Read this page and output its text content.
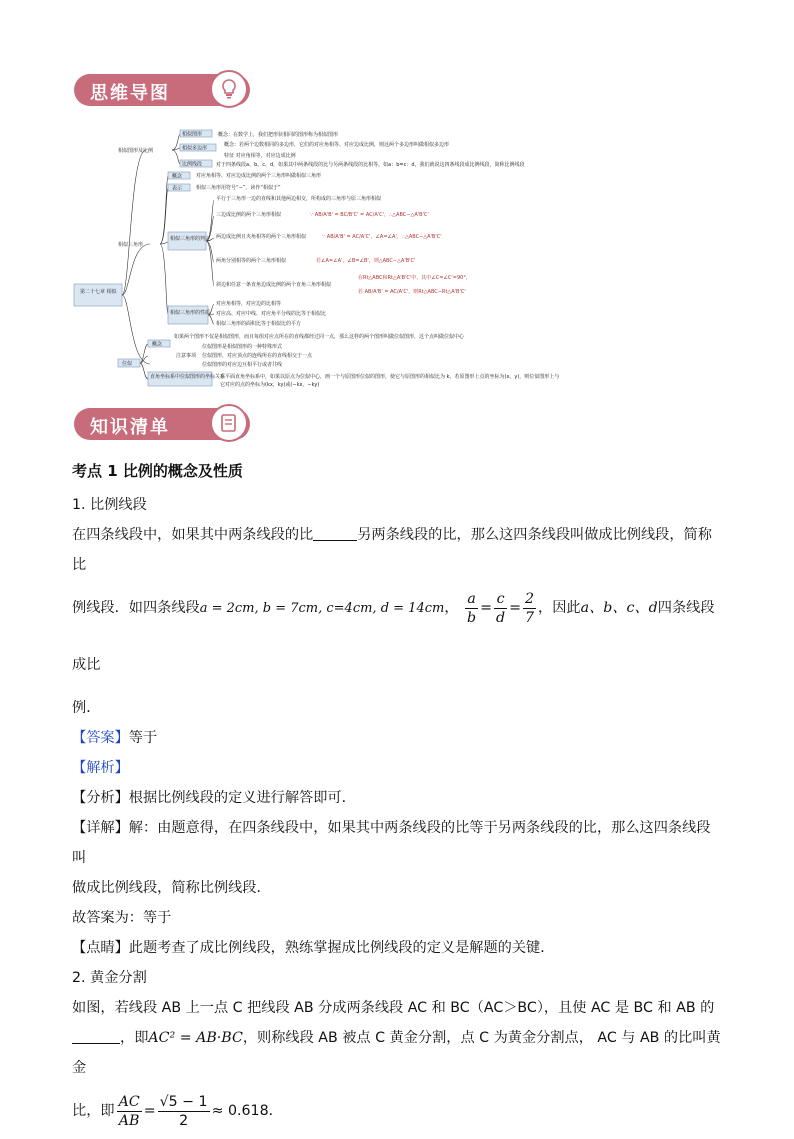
思维导图
第二十七章 相似
相似图形及比例
相似图形	概念：在数学上，我们把形状相同的图形称为相似图形
相似多边形
概念：若两个边数相同的多边形，它们的对应角相等、对应边成比例，则这两个多边形叫做相似多边形
特征 对应角相等，对应边成比例
比例线段	对于四条线段a、b、c、d，如果其中两条线段的比与另两条线段的比相等，如a：b=c：d，我们就说这四条线段成比例线段，简称比例线段
相似三角形
概念	对应角相等、对应边成比例的两个三角形叫做相似三角形
表示	相似三角形用符号“∽”，读作“相似于”
相似三角形的判定
平行于三角形一边的直线和其他两边相交，所构成的三角形与原三角形相似
三边成比例的两个三角形相似	∵ AB/A'B' = BC/B'C' = AC/A'C'，∴△ABC∽△A'B'C'
两边成比例且夹角相等的两个三角形相似	∵ AB/A'B' = AC/A'C'，∠A=∠A'，∴△ABC∽△A'B'C'
两角分别相等的两个三角形相似	若∠A=∠A'，∠B=∠B'，则△ABC∽△A'B'C'
斜边和任意一条直角边成比例的两个直角三角形相似
在Rt△ABC和Rt△A'B'C'中，其中∠C=∠C'=90°，
若 AB/A'B' = AC/A'C'，则Rt△ABC∽Rt△A'B'C'
相似三角形的性质
对应角相等，对应边的比相等
对应高、对应中线、对应角平分线的比等于相似比
相似三角形的面积比等于相似比的平方
位似
概念
如果两个图形不仅是相似图形，而且每组对应点所在的直线都经过同一点，那么这样的两个图形叫做位似图形，这个点叫做位似中心
注意事项
位似图形是相似图形的一种特殊形式
位似图形，对应顶点的连线所在的直线相交于一点
位似图形的对应边互相平行或者共线
直角坐标系中位似图形的坐标关系
在平面直角坐标系中，如果以原点为位似中心，画一个与原图形位似的图形，使它与原图形的相似比为 k，若原图形上点的坐标为(x，y)，则位似图形上与
它对应的点的坐标为(kx，ky)或(−kx，−ky)
知识清单

考点 1 比例的概念及性质

1. 比例线段

在四条线段中，如果其中两条线段的比	另两条线段的比，那么这四条线段叫做成比例线段，简称比

例线段．如四条线段a = 2cm, b = 7cm, c=4cm, d = 14cm， $\frac{a}{b} = \frac{c}{d} = \frac{2}{7}$ ，因此a、b、c、d四条线段成比

例．

【答案】等于

【解析】

【分析】根据比例线段的定义进行解答即可．

【详解】解：由题意得，在四条线段中，如果其中两条线段的比等于另两条线段的比，那么这四条线段叫

做成比例线段，简称比例线段．

故答案为：等于

【点睛】此题考查了成比例线段，熟练掌握成比例线段的定义是解题的关键．

2. 黄金分割

如图，若线段 AB 上一点 C 把线段 AB 分成两条线段 AC 和 BC（AC＞BC），且使 AC 是 BC 和 AB 的

，即AC² = AB·BC，则称线段 AB 被点 C 黄金分割，点 C 为黄金分割点， AC 与 AB 的比叫黄金

比，即 $\frac{AC}{AB} = \frac{√5 - 1}{2} \approx 0.618$．
